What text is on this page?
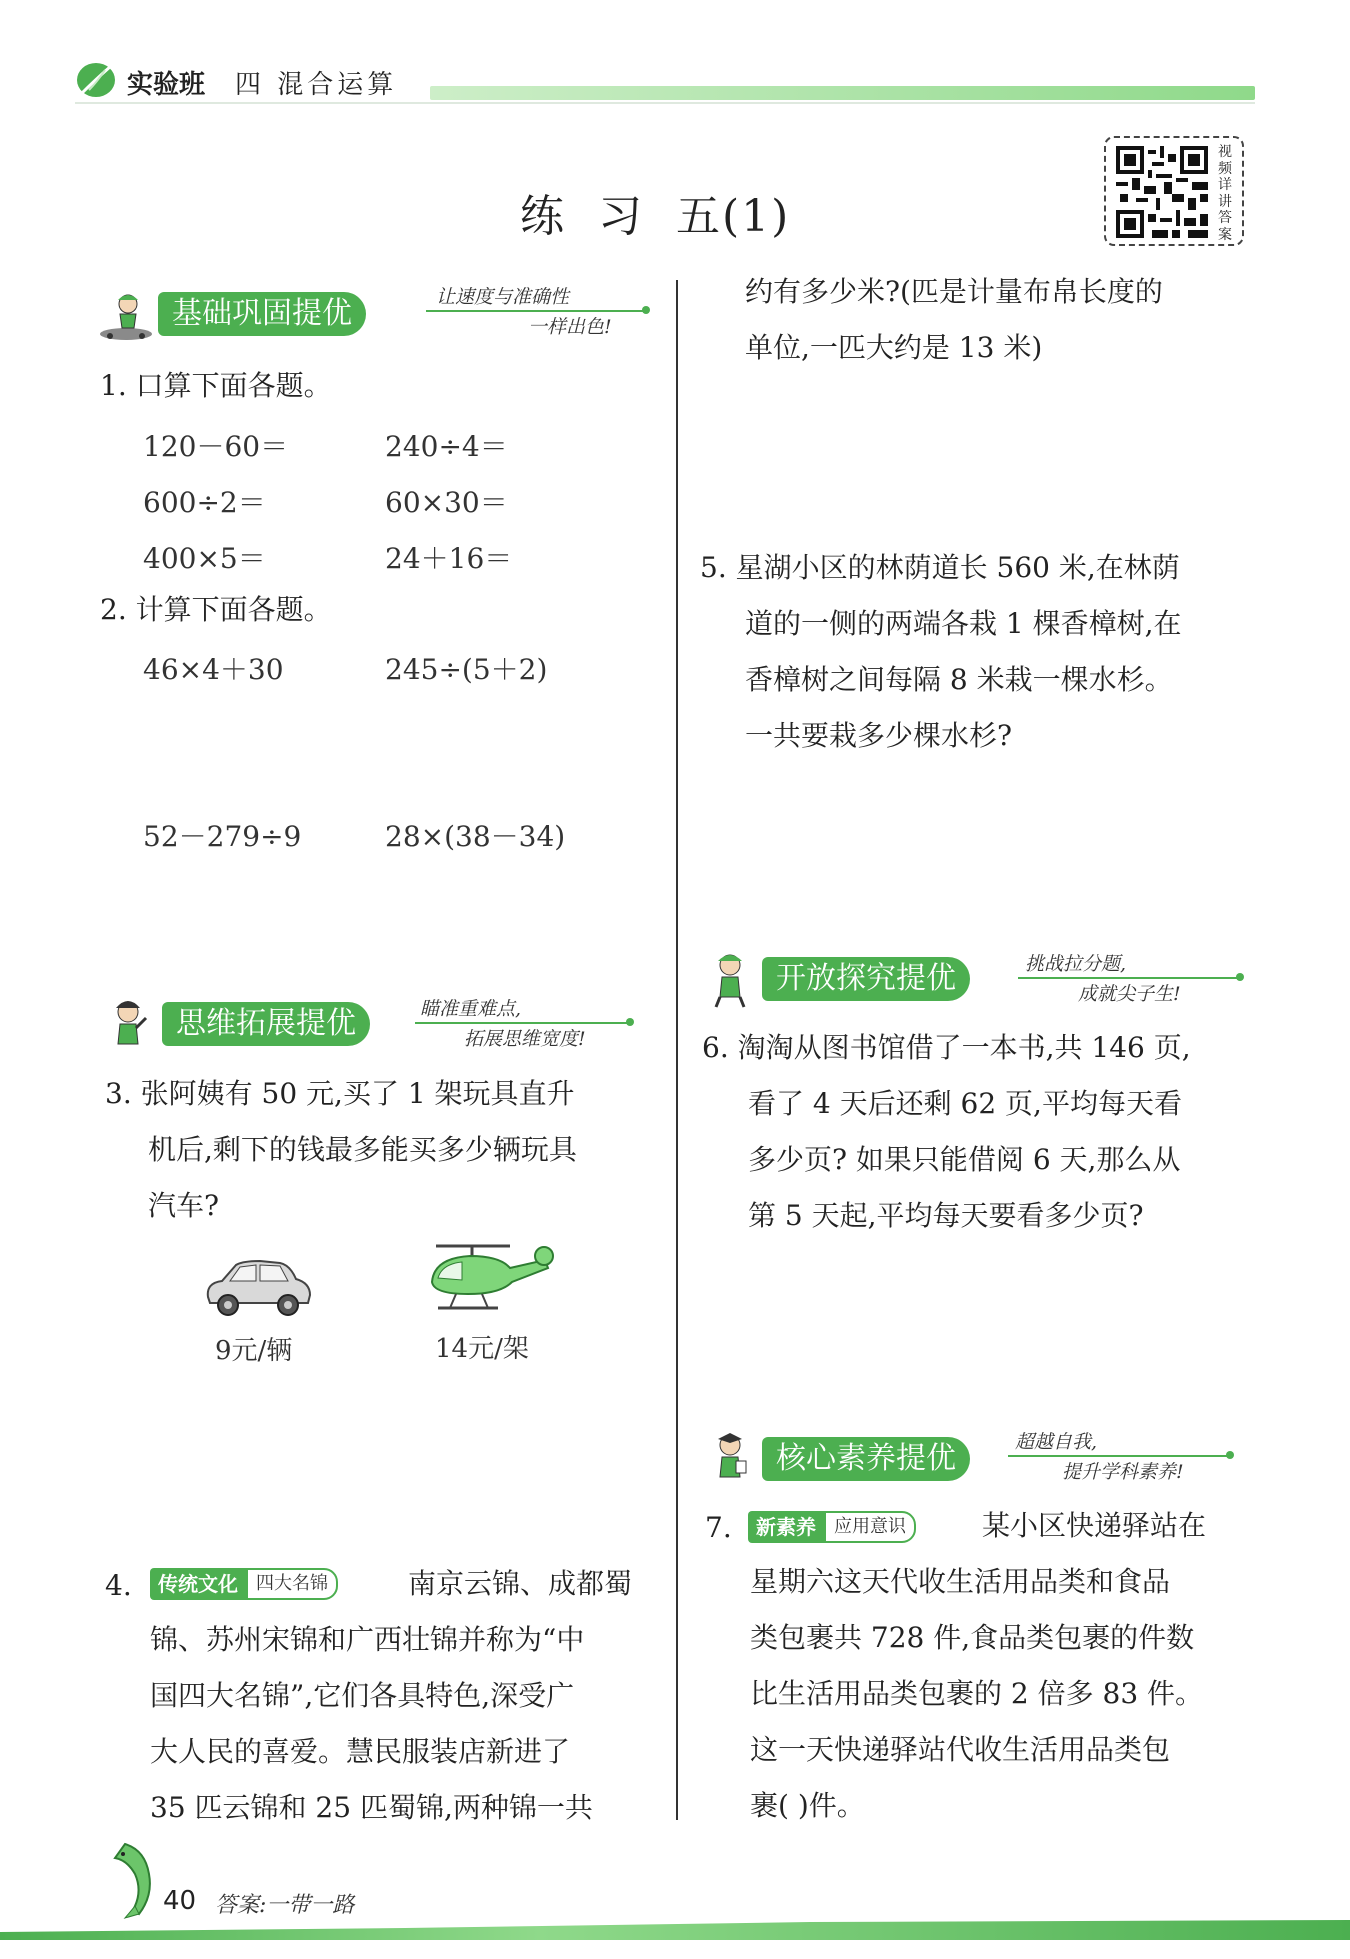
实验班 四 混合运算
视
频
详
讲
答
案
练  习  五(1)
基础巩固提优	让速度与准确性
一样出色!
1. 口算下面各题。
120－60＝	240÷4＝
600÷2＝	60×30＝
400×5＝	24＋16＝
2. 计算下面各题。
46×4＋30	245÷(5＋2)
52－279÷9	28×(38－34)
思维拓展提优	瞄准重难点,
拓展思维宽度!
3. 张阿姨有 50 元,买了 1 架玩具直升
机后,剩下的钱最多能买多少辆玩具
汽车?
9元/辆	14元/架
4.	传统文化	四大名锦	南京云锦、成都蜀
锦、苏州宋锦和广西壮锦并称为“中
国四大名锦”,它们各具特色,深受广
大人民的喜爱。慧民服装店新进了
35 匹云锦和 25 匹蜀锦,两种锦一共
约有多少米?(匹是计量布帛长度的
单位,一匹大约是 13 米)
5. 星湖小区的林荫道长 560 米,在林荫
道的一侧的两端各栽 1 棵香樟树,在
香樟树之间每隔 8 米栽一棵水杉。
一共要栽多少棵水杉?
开放探究提优	挑战拉分题,
成就尖子生!
6. 淘淘从图书馆借了一本书,共 146 页,
看了 4 天后还剩 62 页,平均每天看
多少页? 如果只能借阅 6 天,那么从
第 5 天起,平均每天要看多少页?
核心素养提优	超越自我,
提升学科素养!
7.	新素养	应用意识	某小区快递驿站在
星期六这天代收生活用品类和食品
类包裹共 728 件,食品类包裹的件数
比生活用品类包裹的 2 倍多 83 件。
这一天快递驿站代收生活用品类包
裹( )件。
40 答案:一带一路
